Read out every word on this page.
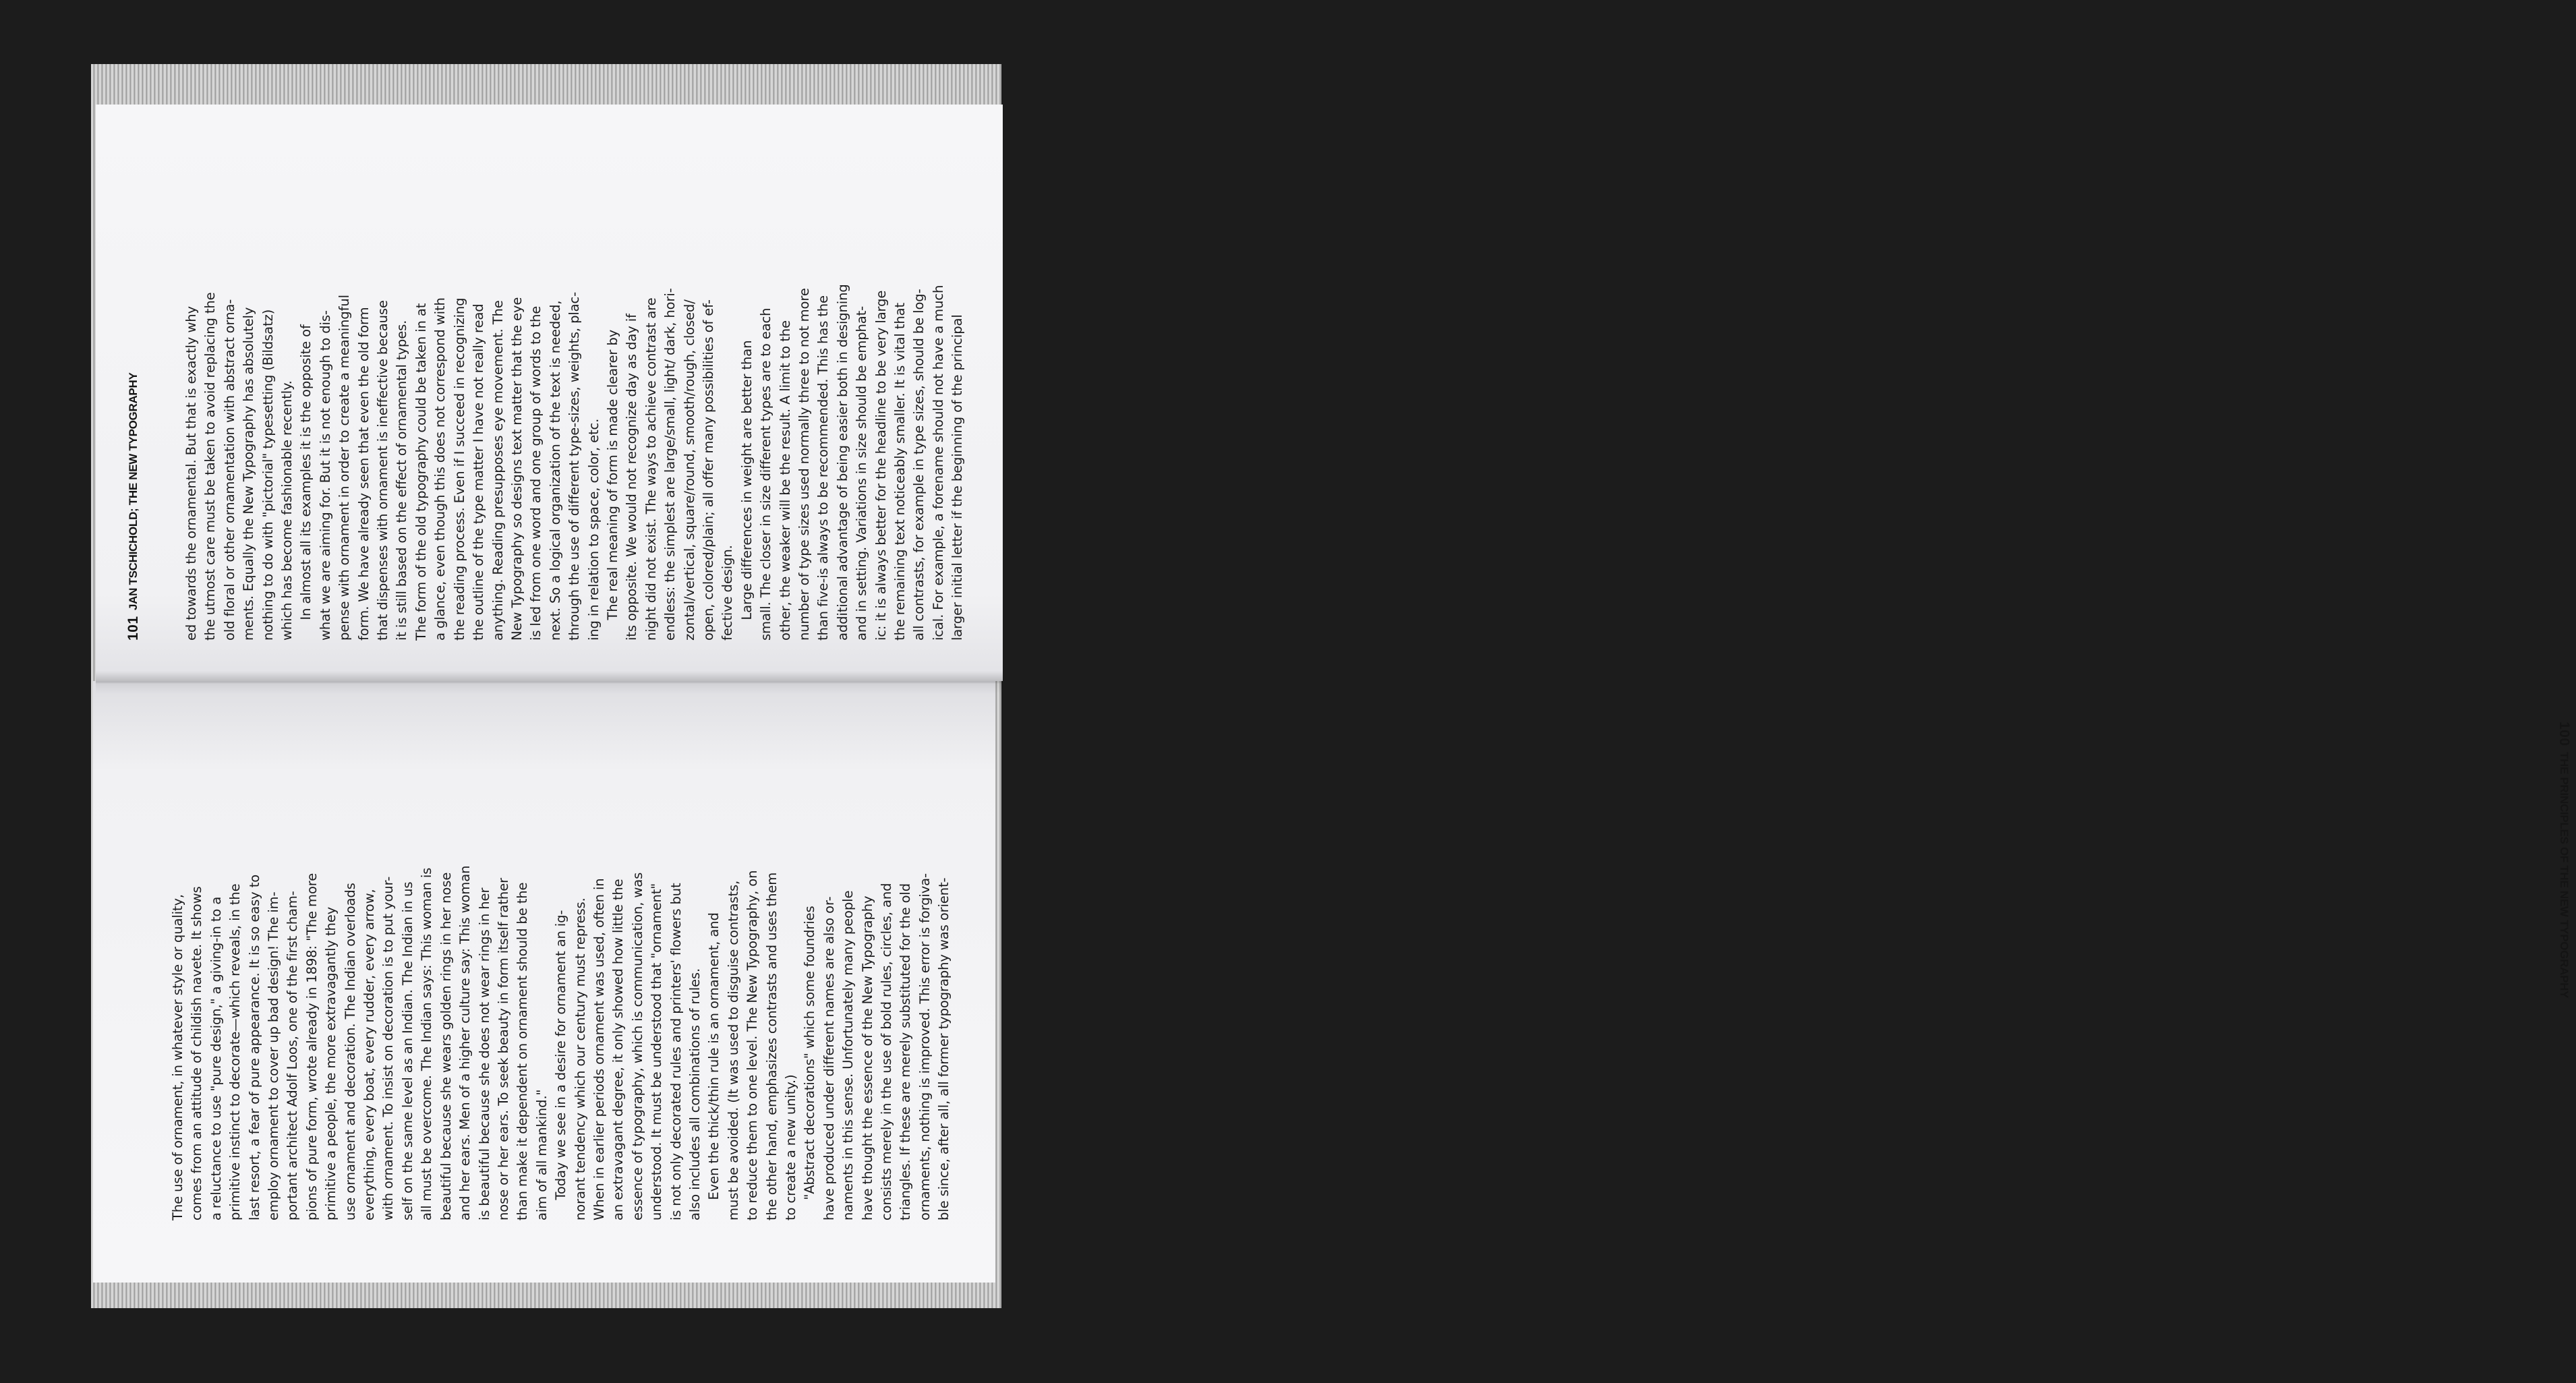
101
JAN TSCHICHOLD; THE NEW TYPOGRAPHY	ed towards the ornamental. But that is exactly why the utmost care must be taken to avoid replacing the old floral or other ornamentation with abstract orna- ments. Equally the New Typography has absolutely nothing to do with "pictorial" typesetting (Bildsatz) which has become fashionable recently. In almost all its examples it is the opposite of what we are aiming for. But it is not enough to dis- pense with ornament in order to create a meaningful form. We have already seen that even the old form that dispenses with ornament is ineffective because it is still based on the effect of ornamental types. The form of the old typography could be taken in at a glance, even though this does not correspond with the reading process. Even if I succeed in recognizing the outline of the type matter I have not really read anything. Reading presupposes eye movement. The New Typography so designs text matter that the eye is led from one word and one group of words to the next. So a logical organization of the text is needed, through the use of different type-sizes, weights, plac- ing in relation to space, color, etc. The real meaning of form is made clearer by its opposite. We would not recognize day as day if night did not exist. The ways to achieve contrast are endless: the simplest are large/small, light/ dark, hori- zontal/vertical, square/round, smooth/rough, closed/ open, colored/plain; all offer many possibilities of ef- fective design. Large differences in weight are better than small. The closer in size different types are to each other, the weaker will be the result. A limit to the number of type sizes used normally three to not more than five-is always to be recommended. This has the additional advantage of being easier both in designing and in setting. Variations in size should be emphat- ic: it is always better for the headline to be very large the remaining text noticeably smaller. It is vital that all contrasts, for example in type sizes, should be log- ical. For example, a forename should not have a much larger initial letter if the beginning of the principal

The use of ornament, in whatever style or quality, comes from an attitude of childish navete. It shows a reluctance to use "pure design," a giving-in to a primitive instinct to decorate—which reveals, in the last resort, a fear of pure appearance. It is so easy to employ ornament to cover up bad design! The im- portant architect Adolf Loos, one of the first cham- pions of pure form, wrote already in 1898: "The more primitive a people, the more extravagantly they use ornament and decoration. The Indian overloads everything, every boat, every rudder, every arrow, with ornament. To insist on decoration is to put your- self on the same level as an Indian. The Indian in us all must be overcome. The Indian says: This woman is beautiful because she wears golden rings in her nose and her ears. Men of a higher culture say: This woman is beautiful because she does not wear rings in her nose or her ears. To seek beauty in form itself rather than make it dependent on ornament should be the aim of all mankind." Today we see in a desire for ornament an ig- norant tendency which our century must repress. When in earlier periods ornament was used, often in an extravagant degree, it only showed how little the essence of typography, which is communication, was understood. It must be understood that "ornament" is not only decorated rules and printers' flowers but also includes all combinations of rules. Even the thick/thin rule is an ornament, and must be avoided. (It was used to disguise contrasts, to reduce them to one level. The New Typography, on the other hand, emphasizes contrasts and uses them to create a new unity.) "Abstract decorations" which some foundries have produced under different names are also or- naments in this sense. Unfortunately many people have thought the essence of the New Typography consists merely in the use of bold rules, circles, and triangles. If these are merely substituted for the old ornaments, nothing is improved. This error is forgiva- ble since, after all, all former typography was orient-

100
THE PRINCIPLES OF THE NEW TYPOGRAPHY
